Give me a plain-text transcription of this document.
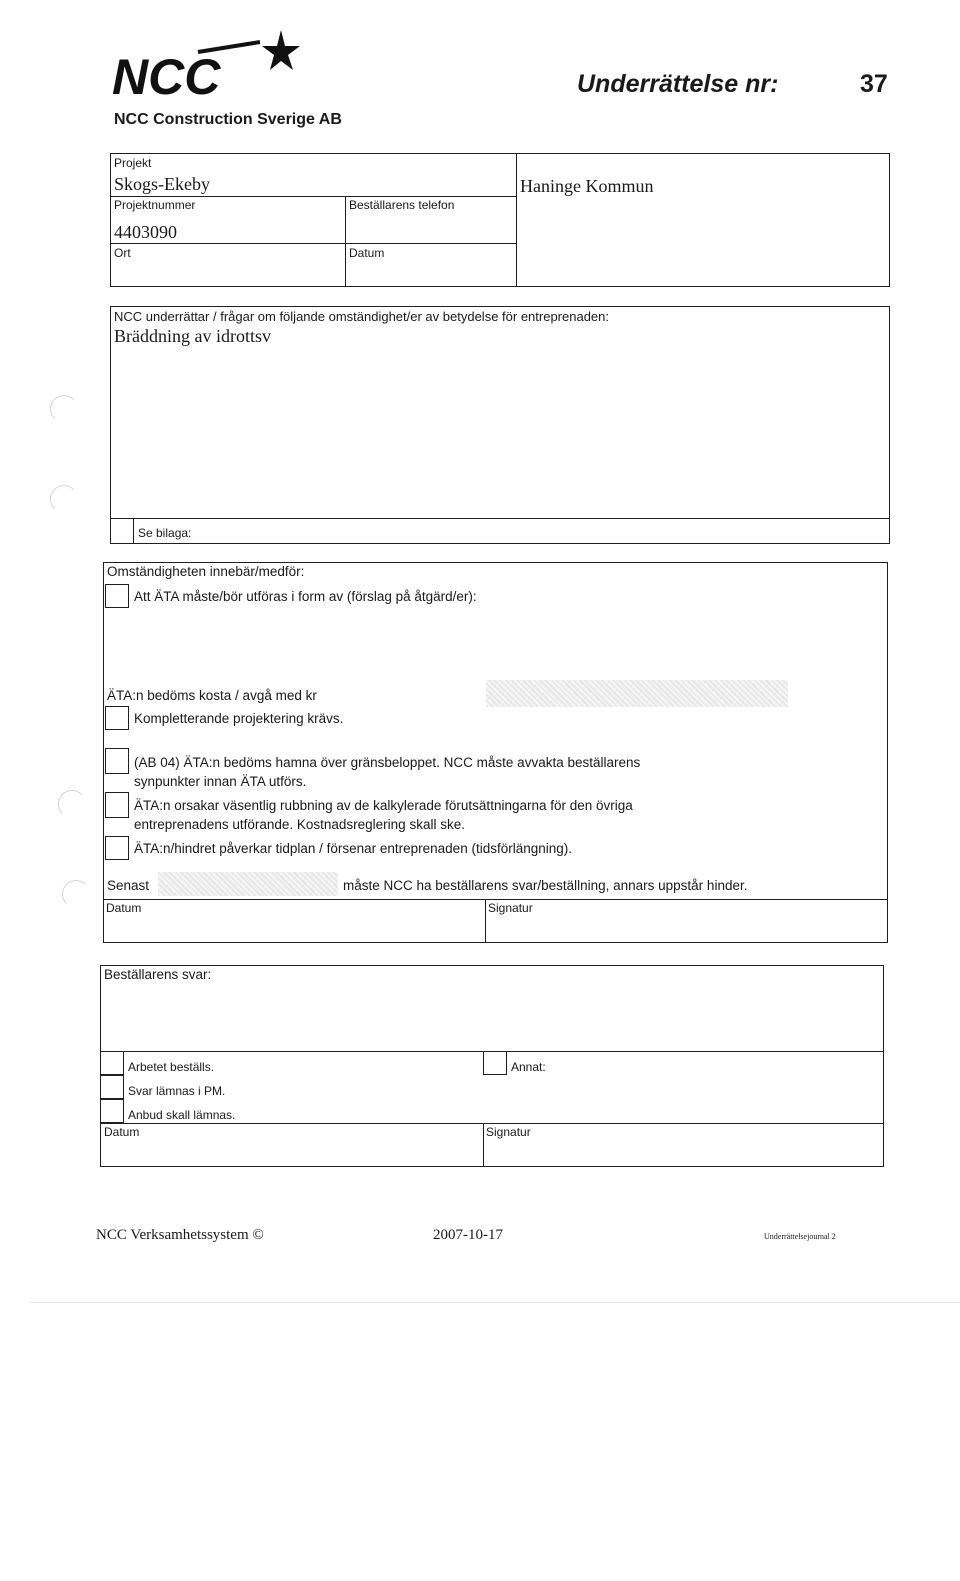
NCC
NCC Construction Sverige AB
Underrättelse nr:	37
Projekt
Skogs-Ekeby
Projektnummer
4403090
Beställarens telefon
Ort	Datum
Haninge Kommun
NCC underrättar / frågar om följande omständighet/er av betydelse för entreprenaden:
Bräddning av idrottsv
Se bilaga:
Omständigheten innebär/medför:
Att ÄTA måste/bör utföras i form av (förslag på åtgärd/er):
ÄTA:n bedöms kosta / avgå med kr
Kompletterande projektering krävs.
(AB 04) ÄTA:n bedöms hamna över gränsbeloppet. NCC måste avvakta beställarens
synpunkter innan ÄTA utförs.
ÄTA:n orsakar väsentlig rubbning av de kalkylerade förutsättningarna för den övriga
entreprenadens utförande. Kostnadsreglering skall ske.
ÄTA:n/hindret påverkar tidplan / försenar entreprenaden (tidsförlängning).
Senast	måste NCC ha beställarens svar/beställning, annars uppstår hinder.
Datum	Signatur
Beställarens svar:
Arbetet beställs.
Svar lämnas i PM.
Anbud skall lämnas.
Annat:
Datum	Signatur
NCC Verksamhetssystem ©	2007-10-17	Underrättelsejournal 2
